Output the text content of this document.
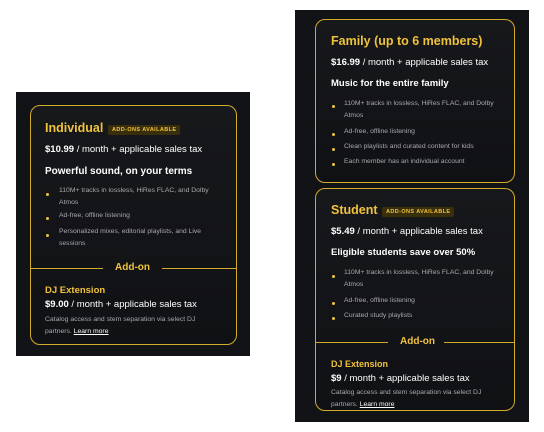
Individual	ADD-ONS AVAILABLE
$10.99 / month + applicable sales tax
Powerful sound, on your terms
110M+ tracks in lossless, HiRes FLAC, and Dolby Atmos
Ad-free, offline listening
Personalized mixes, editorial playlists, and Live sessions
Add-on
DJ Extension
$9.00 / month + applicable sales tax
Catalog access and stem separation via select DJ partners. Learn more
Family (up to 6 members)
$16.99 / month + applicable sales tax
Music for the entire family
110M+ tracks in lossless, HiRes FLAC, and Dolby Atmos
Ad-free, offline listening
Clean playlists and curated content for kids
Each member has an individual account
Student	ADD-ONS AVAILABLE
$5.49 / month + applicable sales tax
Eligible students save over 50%
110M+ tracks in lossless, HiRes FLAC, and Dolby Atmos
Ad-free, offline listening
Curated study playlists
Add-on
DJ Extension
$9 / month + applicable sales tax
Catalog access and stem separation via select DJ partners. Learn more
